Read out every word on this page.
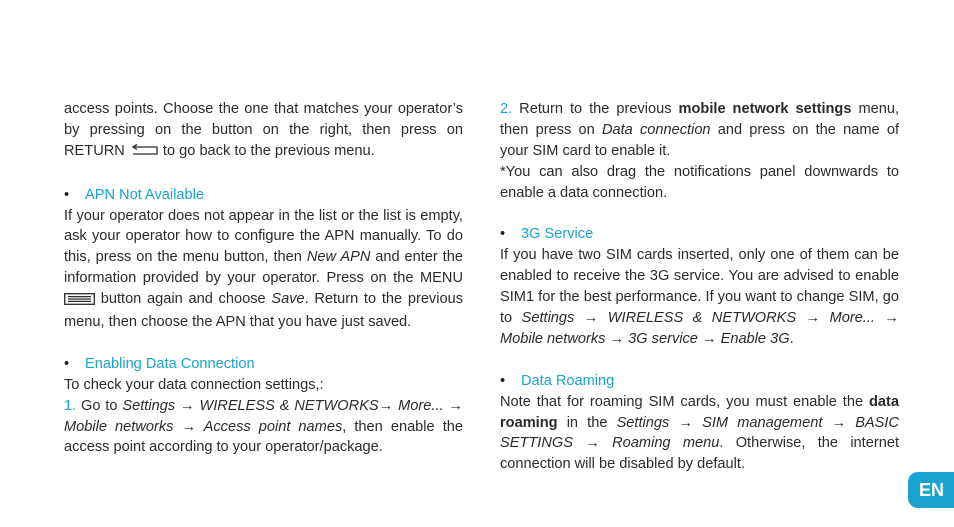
access points. Choose the one that matches your operator’s by pressing on the button on the right, then press on RETURN  to go back to the previous menu.

• APN Not Available

If your operator does not appear in the list or the list is empty, ask your operator how to configure the APN manually. To do this, press on the menu button, then New APN and enter the information provided by your operator. Press on the MENU  button again and choose Save. Return to the previous menu, then choose the APN that you have just saved.

• Enabling Data Connection

To check your data connection settings,:

1. Go to Settings → WIRELESS & NETWORKS→ More... → Mobile networks → Access point names, then enable the access point according to your operator/package.

2. Return to the previous mobile network settings menu, then press on Data connection and press on the name of your SIM card to enable it.

*You can also drag the notifications panel downwards to enable a data connection.

• 3G Service

If you have two SIM cards inserted, only one of them can be enabled to receive the 3G service. You are advised to enable SIM1 for the best performance. If you want to change SIM, go to Settings → WIRELESS & NETWORKS → More... → Mobile networks → 3G service → Enable 3G.

• Data Roaming

Note that for roaming SIM cards, you must enable the data roaming in the Settings → SIM management → BASIC SETTINGS → Roaming menu. Otherwise, the internet connection will be disabled by default.

EN
